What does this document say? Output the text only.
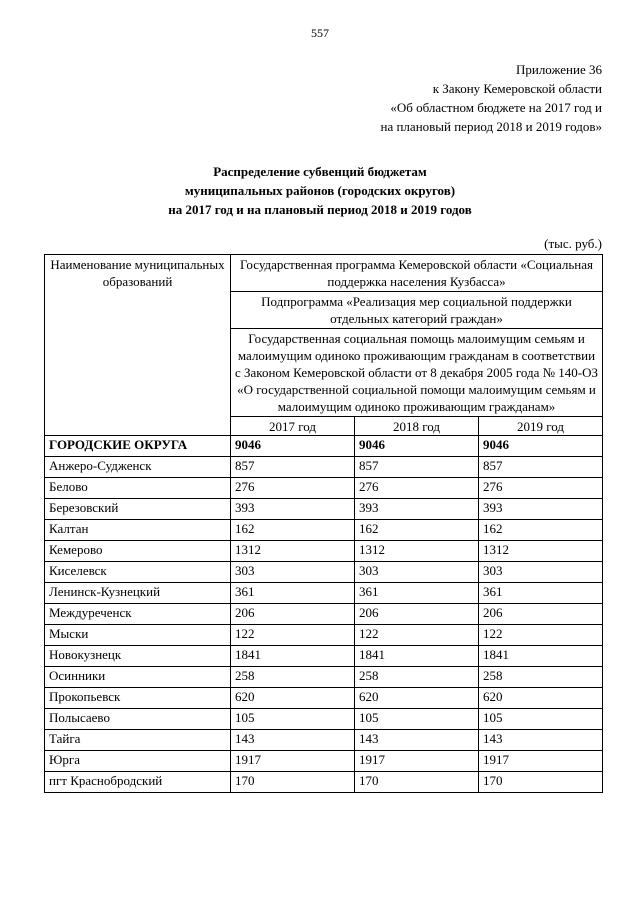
557
Приложение 36
к Закону Кемеровской области
«Об областном бюджете на 2017 год и
на плановый период 2018 и 2019 годов»
Распределение субвенций бюджетам
муниципальных районов (городских округов)
на 2017 год и на плановый период 2018 и 2019 годов
(тыс. руб.)
Наименование муниципальных образований	Государственная программа Кемеровской области «Социальная поддержка населения Кузбасса»		
	Подпрограмма «Реализация мер социальной поддержки отдельных категорий граждан»		
	Государственная социальная помощь малоимущим семьям и малоимущим одиноко проживающим гражданам в соответствии с Законом Кемеровской области от 8 декабря 2005 года № 140-ОЗ «О государственной социальной помощи малоимущим семьям и малоимущим одиноко проживающим гражданам»		
	2017 год	2018 год	2019 год
ГОРОДСКИЕ ОКРУГА	9046	9046	9046
Анжеро-Судженск	857	857	857
Белово	276	276	276
Березовский	393	393	393
Калтан	162	162	162
Кемерово	1312	1312	1312
Киселевск	303	303	303
Ленинск-Кузнецкий	361	361	361
Междуреченск	206	206	206
Мыски	122	122	122
Новокузнецк	1841	1841	1841
Осинники	258	258	258
Прокопьевск	620	620	620
Полысаево	105	105	105
Тайга	143	143	143
Юрга	1917	1917	1917
пгт Краснобродский	170	170	170
